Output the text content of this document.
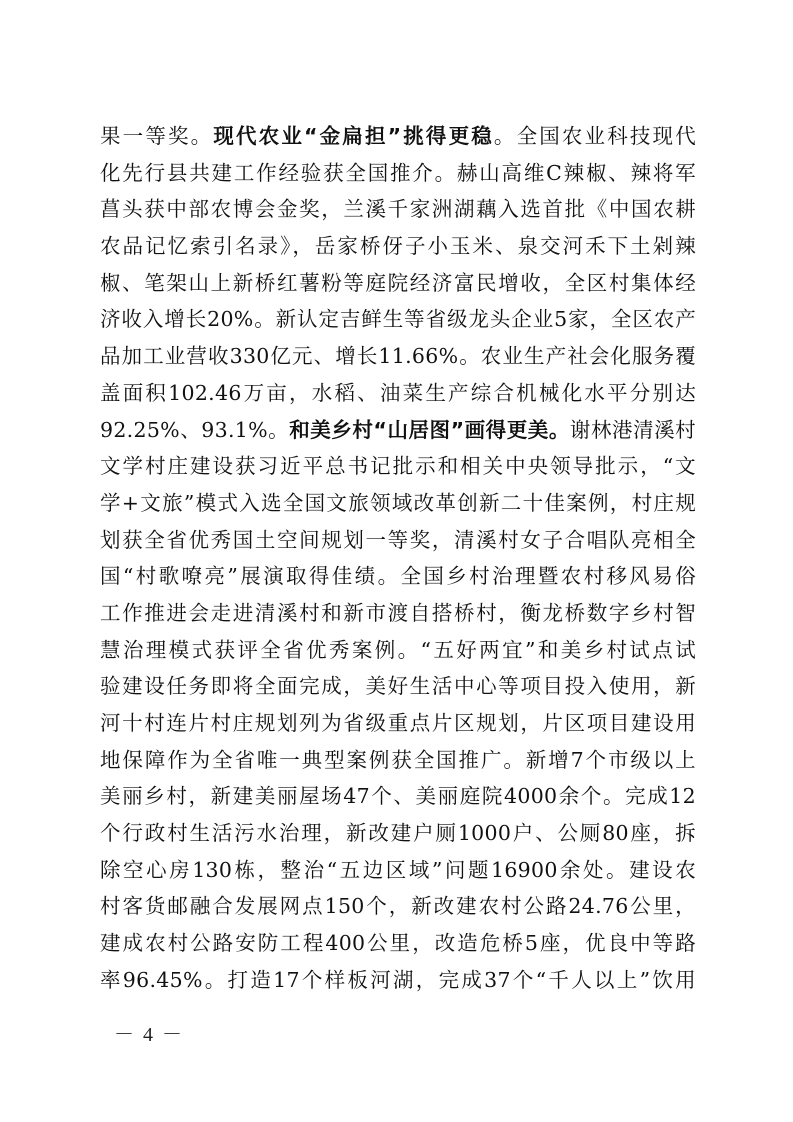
果一等奖。现代农业“金扁担”挑得更稳。全国农业科技现代
化先行县共建工作经验获全国推介。赫山高维C辣椒、辣将军
菖头获中部农博会金奖，兰溪千家洲湖藕入选首批《中国农耕
农品记忆索引名录》，岳家桥伢子小玉米、泉交河禾下土剁辣
椒、笔架山上新桥红薯粉等庭院经济富民增收，全区村集体经
济收入增长20%。新认定吉鲜生等省级龙头企业5家，全区农产
品加工业营收330亿元、增长11.66%。农业生产社会化服务覆
盖面积102.46万亩，水稻、油菜生产综合机械化水平分别达
92.25%、93.1%。和美乡村“山居图”画得更美。谢林港清溪村
文学村庄建设获习近平总书记批示和相关中央领导批示，“文
学+文旅”模式入选全国文旅领域改革创新二十佳案例，村庄规
划获全省优秀国土空间规划一等奖，清溪村女子合唱队亮相全
国“村歌嘹亮”展演取得佳绩。全国乡村治理暨农村移风易俗
工作推进会走进清溪村和新市渡自搭桥村，衡龙桥数字乡村智
慧治理模式获评全省优秀案例。“五好两宜”和美乡村试点试
验建设任务即将全面完成，美好生活中心等项目投入使用，新
河十村连片村庄规划列为省级重点片区规划，片区项目建设用
地保障作为全省唯一典型案例获全国推广。新增7个市级以上
美丽乡村，新建美丽屋场47个、美丽庭院4000余个。完成12
个行政村生活污水治理，新改建户厕1000户、公厕80座，拆
除空心房130栋，整治“五边区域”问题16900余处。建设农
村客货邮融合发展网点150个，新改建农村公路24.76公里，
建成农村公路安防工程400公里，改造危桥5座，优良中等路
率96.45%。打造17个样板河湖，完成37个“千人以上”饮用
－ 4 －
